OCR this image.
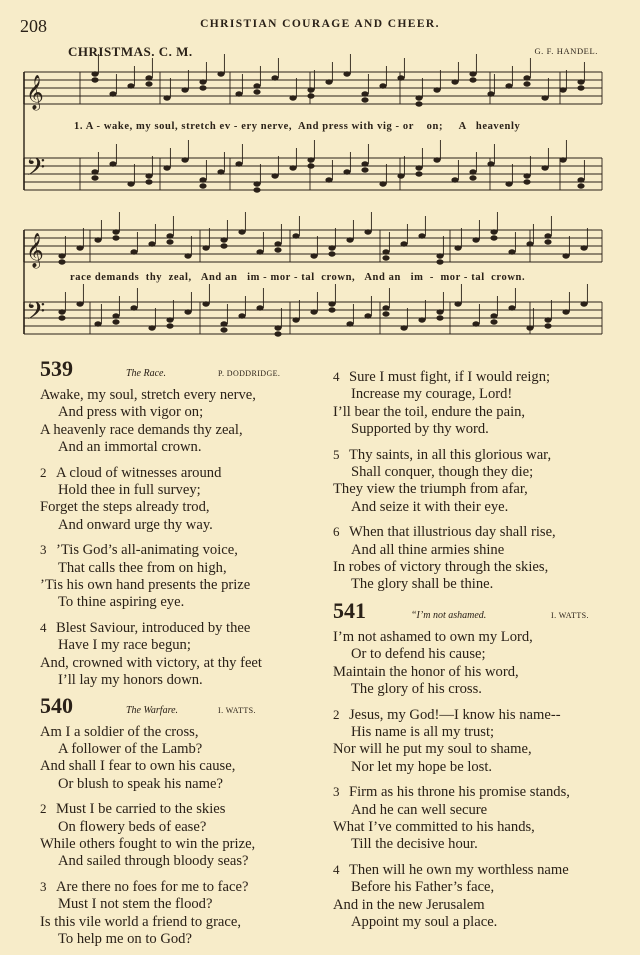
208	CHRISTIAN COURAGE AND CHEER.
CHRISTMAS. C. M.	G. F. HANDEL.
𝄞
𝄢
𝄞
𝄢
1. A - wake, my soul, stretch ev - ery nerve,  And press with vig - or    on;     A   heavenly
race demands  thy  zeal,   And an   im - mor - tal  crown,   And an   im  -  mor - tal  crown.
539	The Race.	P. DODDRIDGE.
Awake, my soul, stretch every nerve,
And press with vigor on;
A heavenly race demands thy zeal,
And an immortal crown.
2 A cloud of witnesses around
Hold thee in full survey;
Forget the steps already trod,
And onward urge thy way.
3 ’Tis God’s all-animating voice,
That calls thee from on high,
’Tis his own hand presents the prize
To thine aspiring eye.
4 Blest Saviour, introduced by thee
Have I my race begun;
And, crowned with victory, at thy feet
I’ll lay my honors down.
540	The Warfare.	I. WATTS.
Am I a soldier of the cross,
A follower of the Lamb?
And shall I fear to own his cause,
Or blush to speak his name?
2 Must I be carried to the skies
On flowery beds of ease?
While others fought to win the prize,
And sailed through bloody seas?
3 Are there no foes for me to face?
Must I not stem the flood?
Is this vile world a friend to grace,
To help me on to God?
4 Sure I must fight, if I would reign;
Increase my courage, Lord!
I’ll bear the toil, endure the pain,
Supported by thy word.
5 Thy saints, in all this glorious war,
Shall conquer, though they die;
They view the triumph from afar,
And seize it with their eye.
6 When that illustrious day shall rise,
And all thine armies shine
In robes of victory through the skies,
The glory shall be thine.
541	“I’m not ashamed.	I. WATTS.
I’m not ashamed to own my Lord,
Or to defend his cause;
Maintain the honor of his word,
The glory of his cross.
2 Jesus, my God!—I know his name--
His name is all my trust;
Nor will he put my soul to shame,
Nor let my hope be lost.
3 Firm as his throne his promise stands,
And he can well secure
What I’ve committed to his hands,
Till the decisive hour.
4 Then will he own my worthless name
Before his Father’s face,
And in the new Jerusalem
Appoint my soul a place.
